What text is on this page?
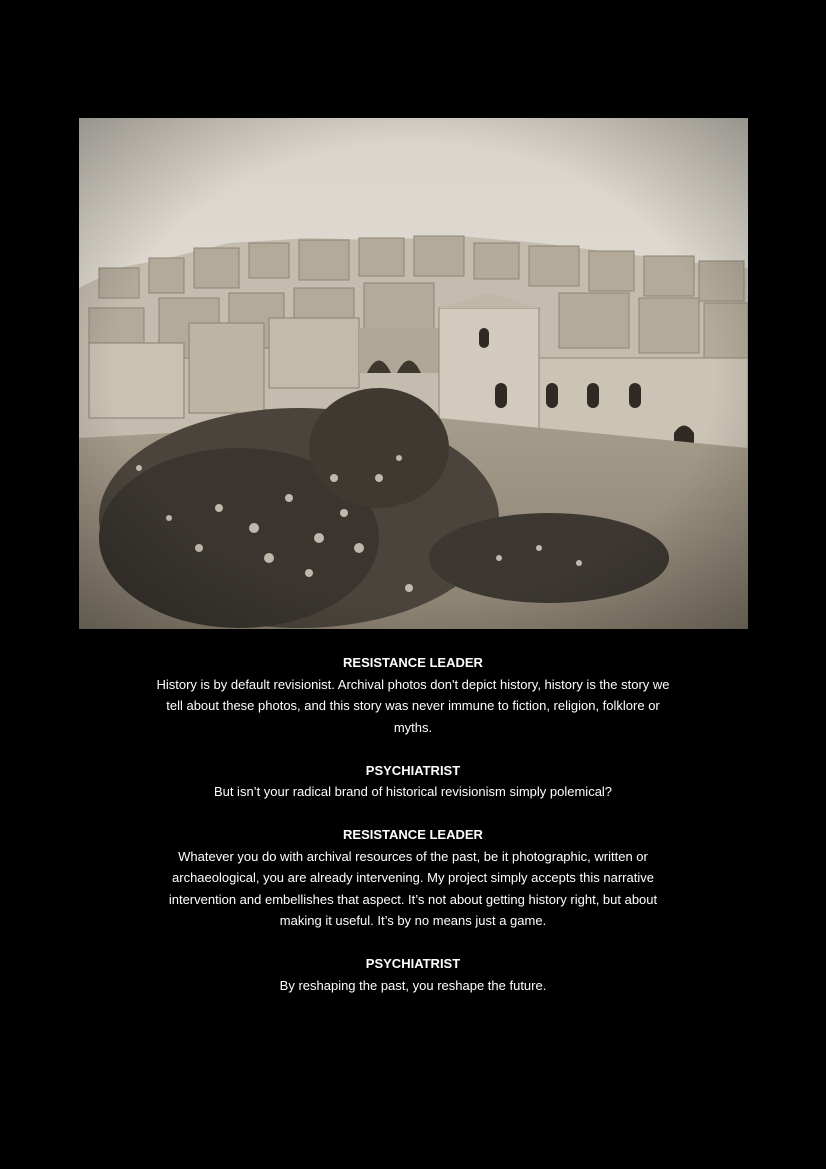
RESISTANCE LEADER
History is by default revisionist. Archival photos don't depict history, history is the story we tell about these photos, and this story was never immune to fiction, religion, folklore or myths.
PSYCHIATRIST
But isn’t your radical brand of historical revisionism simply polemical?
RESISTANCE LEADER
Whatever you do with archival resources of the past, be it photographic, written or archaeological, you are already intervening. My project simply accepts this narrative intervention and embellishes that aspect. It’s not about getting history right, but about making it useful. It’s by no means just a game.
PSYCHIATRIST
By reshaping the past, you reshape the future.
